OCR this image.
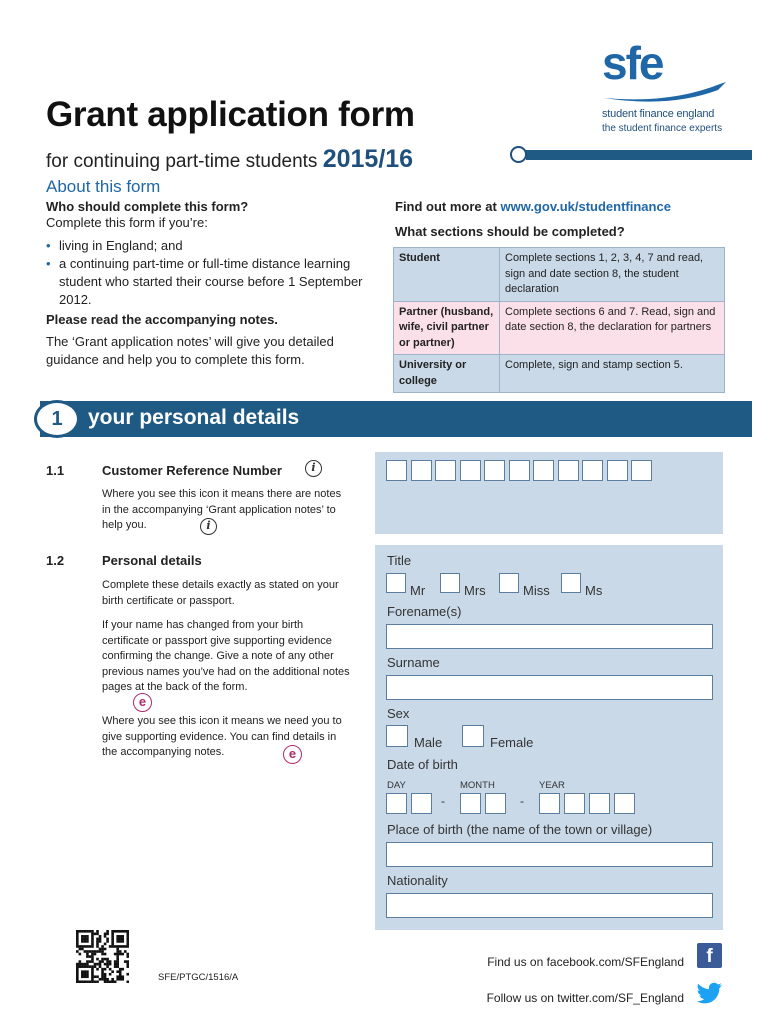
sfe
student finance england
the student finance experts
Grant application form
for continuing part-time students 2015/16
About this form
Who should complete this form?
Complete this form if you’re:
• living in England; and
• a continuing part-time or full-time distance learning student who started their course before 1 September 2012.
Please read the accompanying notes.
The ‘Grant application notes’ will give you detailed guidance and help you to complete this form.
Find out more at www.gov.uk/studentfinance
What sections should be completed?
Student	Complete sections 1, 2, 3, 4, 7 and read, sign and date section 8, the student declaration
Partner (husband, wife, civil partner or partner)	Complete sections 6 and 7. Read, sign and date section 8, the declaration for partners
University or college	Complete, sign and stamp section 5.
1	your personal details
1.1	Customer Reference Number	i
Where you see this icon it means there are notes in the accompanying ‘Grant application notes’ to help you.	i
1.2	Personal details
Complete these details exactly as stated on your birth certificate or passport.
If your name has changed from your birth certificate or passport give supporting evidence confirming the change. Give a note of any other previous names you’ve had on the additional notes pages at the back of the form.
e
Where you see this icon it means we need you to give supporting evidence. You can find details in the accompanying notes.	e
Title
Mr	Mrs	Miss	Ms
Forename(s)
Surname
Sex
Male	Female
Date of birth
DAY	MONTH	YEAR
-	-
Place of birth (the name of the town or village)
Nationality
SFE/PTGC/1516/A
Find us on facebook.com/SFEngland	f
Follow us on twitter.com/SF_England
